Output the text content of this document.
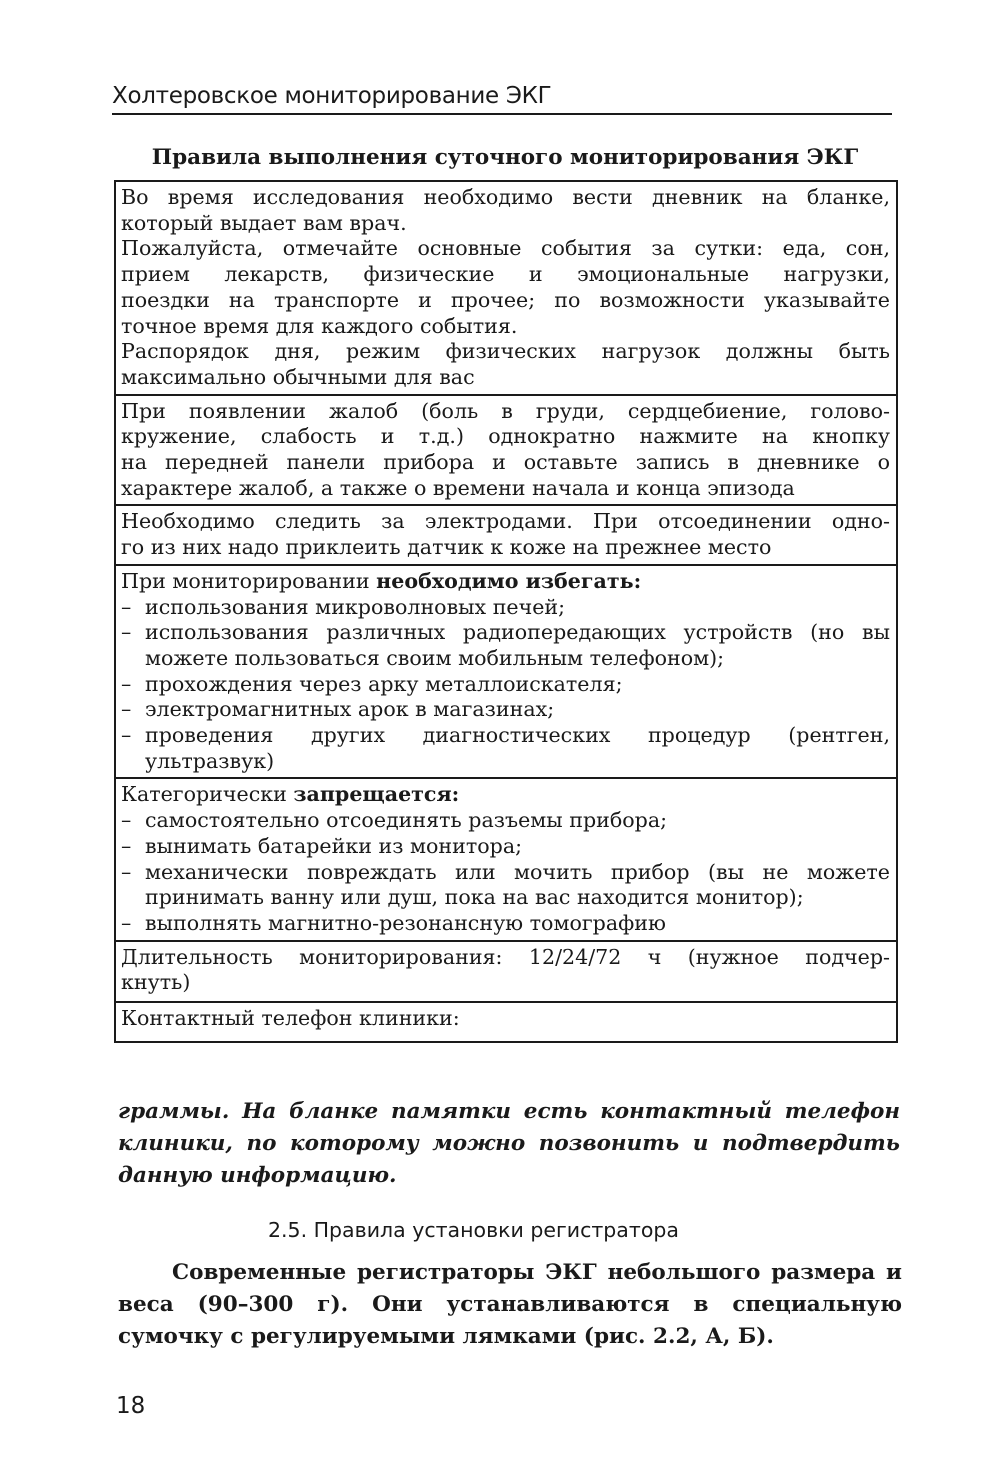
Холтеровское мониторирование ЭКГ
Правила выполнения суточного мониторирования ЭКГ

Во время исследования необходимо вести дневник на бланке,

который выдает вам врач.

Пожалуйста, отмечайте основные события за сутки: еда, сон,

прием лекарств, физические и эмоциональные нагрузки,

поездки на транспорте и прочее; по возможности указывайте

точное время для каждого события.

Распорядок дня, режим физических нагрузок должны быть

максимально обычными для вас

При появлении жалоб (боль в груди, сердцебиение, голово-

кружение, слабость и т.д.) однократно нажмите на кнопку

на передней панели прибора и оставьте запись в дневнике о

характере жалоб, а также о времени начала и конца эпизода

Необходимо следить за электродами. При отсоединении одно-

го из них надо приклеить датчик к коже на прежнее место

При мониторировании необходимо избегать:

– использования микроволновых печей;
– использования различных радиопередающих устройств (но вы можете пользоваться своим мобильным телефоном);
– прохождения через арку металлоискателя;
– электромагнитных арок в магазинах;
– проведения других диагностических процедур (рентген, ультразвук)

Категорически запрещается:

– самостоятельно отсоединять разъемы прибора;
– вынимать батарейки из монитора;
– механически повреждать или мочить прибор (вы не можете принимать ванну или душ, пока на вас находится монитор);
– выполнять магнитно-резонансную томографию

Длительность мониторирования: 12/24/72 ч (нужное подчер-

кнуть)

Контактный телефон клиники:

граммы. На бланке памятки есть контактный телефон клиники, по которому можно позвонить и подтвердить данную информацию.

2.5. Правила установки регистратора

Современные регистраторы ЭКГ небольшого размера и веса (90–300 г). Они устанавливаются в специальную сумочку с регулируемыми лямками (рис. 2.2, А, Б).

18
